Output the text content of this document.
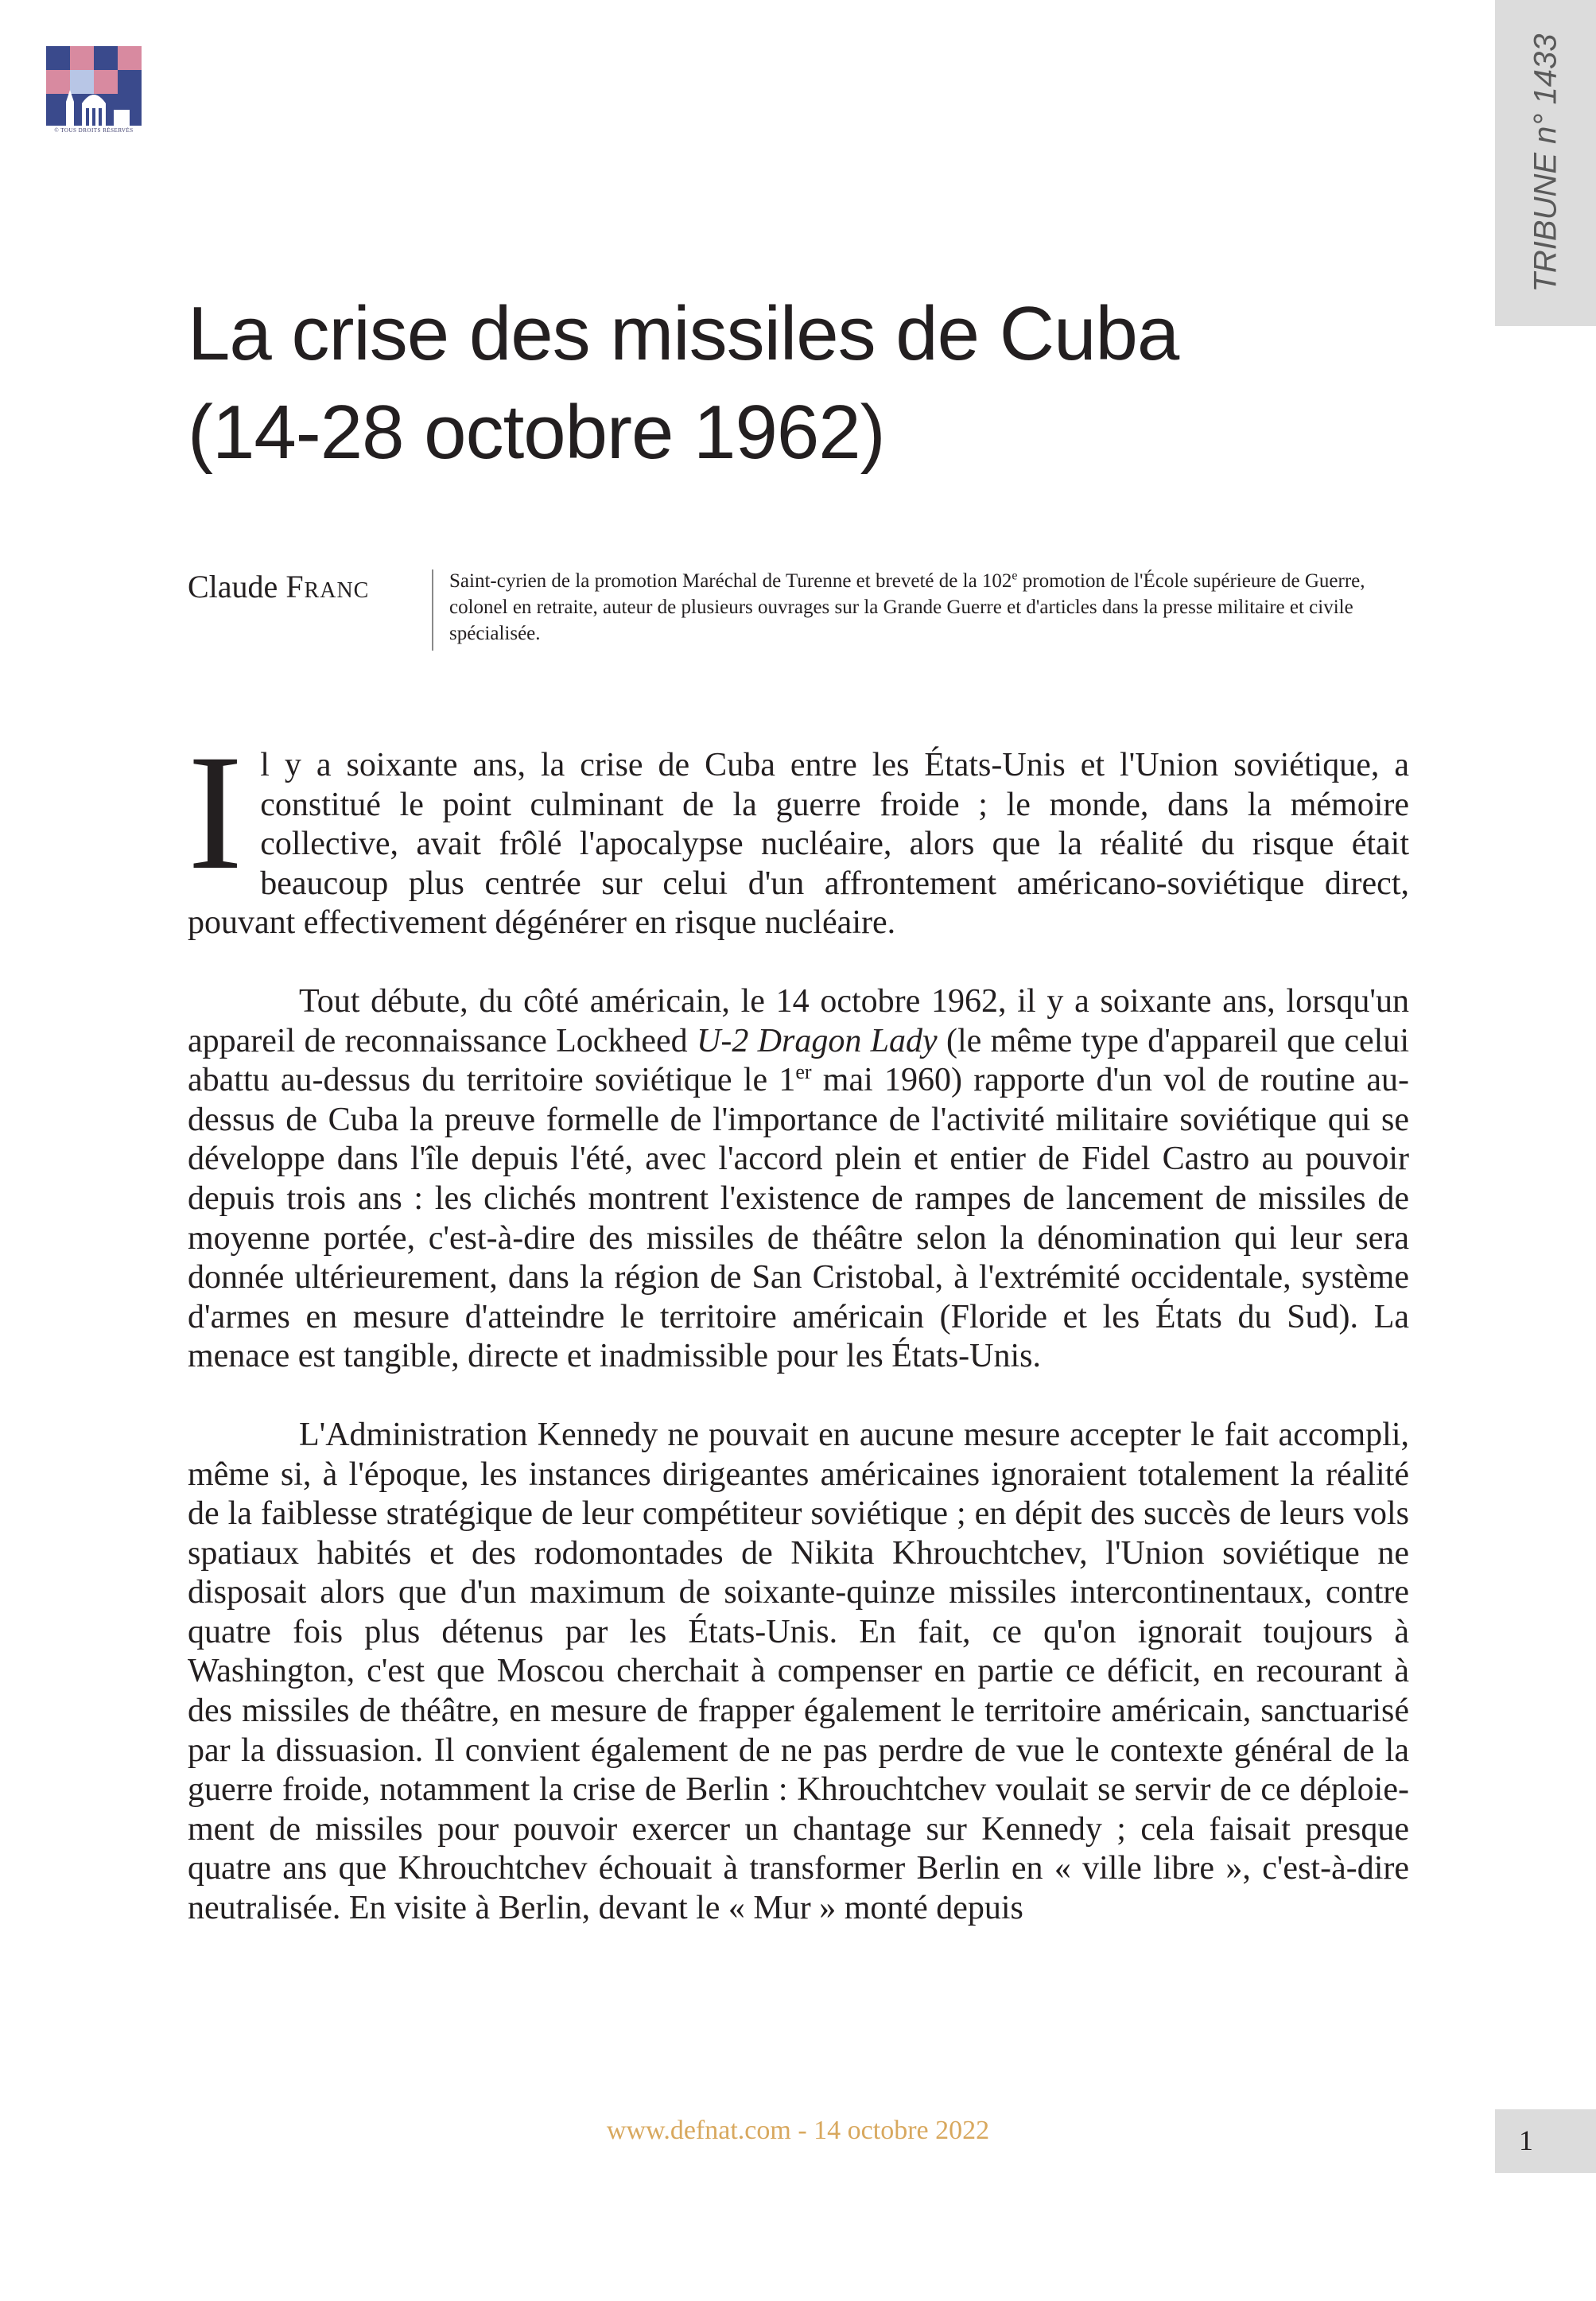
© TOUS DROITS RÉSERVÉS	TRIBUNE n° 1433
La crise des missiles de Cuba
(14-28 octobre 1962)
Claude Franc	Saint-cyrien de la promotion Maréchal de Turenne et breveté de la 102e promotion de l'École supérieure de Guerre, colonel en retraite, auteur de plusieurs ouvrages sur la Grande Guerre et d'articles dans la presse militaire et civile spécialisée.

Il y a soixante ans, la crise de Cuba entre les États-Unis et l'Union soviétique, a constitué le point culminant de la guerre froide ; le monde, dans la mémoire collective, avait frôlé l'apocalypse nucléaire, alors que la réalité du risque était beaucoup plus centrée sur celui d'un affrontement américano-soviétique direct, pouvant effectivement dégénérer en risque nucléaire.

Tout débute, du côté américain, le 14 octobre 1962, il y a soixante ans, lorsqu'un appareil de reconnaissance Lockheed U-2 Dragon Lady (le même type d'appareil que celui abattu au-dessus du territoire soviétique le 1er mai 1960) rapporte d'un vol de routine au-dessus de Cuba la preuve formelle de l'importance de l'activité militaire soviétique qui se développe dans l'île depuis l'été, avec l'accord plein et entier de Fidel Castro au pouvoir depuis trois ans : les clichés montrent l'existence de rampes de lancement de missiles de moyenne portée, c'est-à-dire des missiles de théâtre selon la dénomination qui leur sera donnée ultérieurement, dans la région de San Cristobal, à l'extrémité occidentale, système d'armes en mesure d'atteindre le territoire américain (Floride et les États du Sud). La menace est tangible, directe et inadmissible pour les États-Unis.

L'Administration Kennedy ne pouvait en aucune mesure accepter le fait accompli, même si, à l'époque, les instances dirigeantes américaines ignoraient totalement la réalité de la faiblesse stratégique de leur compétiteur soviétique ; en dépit des succès de leurs vols spatiaux habités et des rodomontades de Nikita Khrouchtchev, l'Union soviétique ne disposait alors que d'un maximum de soixante-quinze missiles intercontinentaux, contre quatre fois plus détenus par les États-Unis. En fait, ce qu'on ignorait toujours à Washington, c'est que Moscou cherchait à compenser en partie ce déficit, en recourant à des missiles de théâtre, en mesure de frapper également le territoire américain, sanctuarisé par la dissuasion. Il convient également de ne pas perdre de vue le contexte général de la guerre froide, notamment la crise de Berlin : Khrouchtchev voulait se servir de ce déploiement de missiles pour pouvoir exercer un chantage sur Kennedy ; cela faisait presque quatre ans que Khrouchtchev échouait à transformer Berlin en « ville libre », c'est-à-dire neutralisée. En visite à Berlin, devant le « Mur » monté depuis

www.defnat.com - 14 octobre 2022	1
